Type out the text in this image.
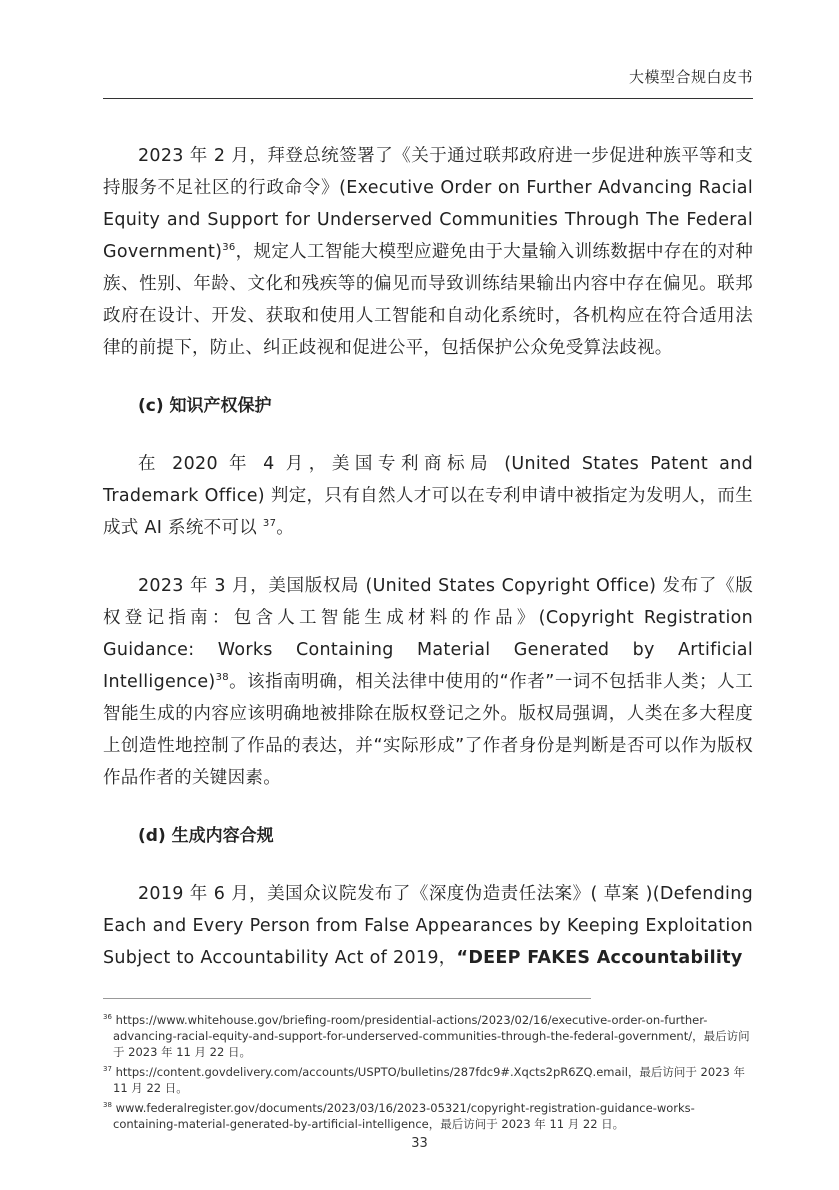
大模型合规白皮书

2023 年 2 月，拜登总统签署了《关于通过联邦政府进一步促进种族平等和支持服务不足社区的行政命令》(Executive Order on Further Advancing Racial Equity and Support for Underserved Communities Through The Federal Government)$^{36}$，规定人工智能大模型应避免由于大量输入训练数据中存在的对种族、性别、年龄、文化和残疾等的偏见而导致训练结果输出内容中存在偏见。联邦政府在设计、开发、获取和使用人工智能和自动化系统时，各机构应在符合适用法律的前提下，防止、纠正歧视和促进公平，包括保护公众免受算法歧视。

(c) 知识产权保护

在 2020 年 4 月，美国专利商标局 (United States Patent and Trademark Office) 判定，只有自然人才可以在专利申请中被指定为发明人，而生成式 AI 系统不可以 $^{37}$。

2023 年 3 月，美国版权局 (United States Copyright Office) 发布了《版权登记指南：包含人工智能生成材料的作品》(Copyright Registration Guidance: Works Containing Material Generated by Artificial Intelligence)$^{38}$。该指南明确，相关法律中使用的“作者”一词不包括非人类；人工智能生成的内容应该明确地被排除在版权登记之外。版权局强调，人类在多大程度上创造性地控制了作品的表达，并“实际形成”了作者身份是判断是否可以作为版权作品作者的关键因素。

(d) 生成内容合规

2019 年 6 月，美国众议院发布了《深度伪造责任法案》( 草案 )(Defending Each and Every Person from False Appearances by Keeping Exploitation Subject to Accountability Act of 2019，“DEEP FAKES Accountability

$^{36}$ https://www.whitehouse.gov/briefing-room/presidential-actions/2023/02/16/executive-order-on-further-advancing-racial-equity-and-support-for-underserved-communities-through-the-federal-government/，最后访问于 2023 年 11 月 22 日。

$^{37}$ https://content.govdelivery.com/accounts/USPTO/bulletins/287fdc9#.Xqcts2pR6ZQ.email，最后访问于 2023 年 11 月 22 日。

$^{38}$ www.federalregister.gov/documents/2023/03/16/2023-05321/copyright-registration-guidance-works-containing-material-generated-by-artificial-intelligence，最后访问于 2023 年 11 月 22 日。

33
